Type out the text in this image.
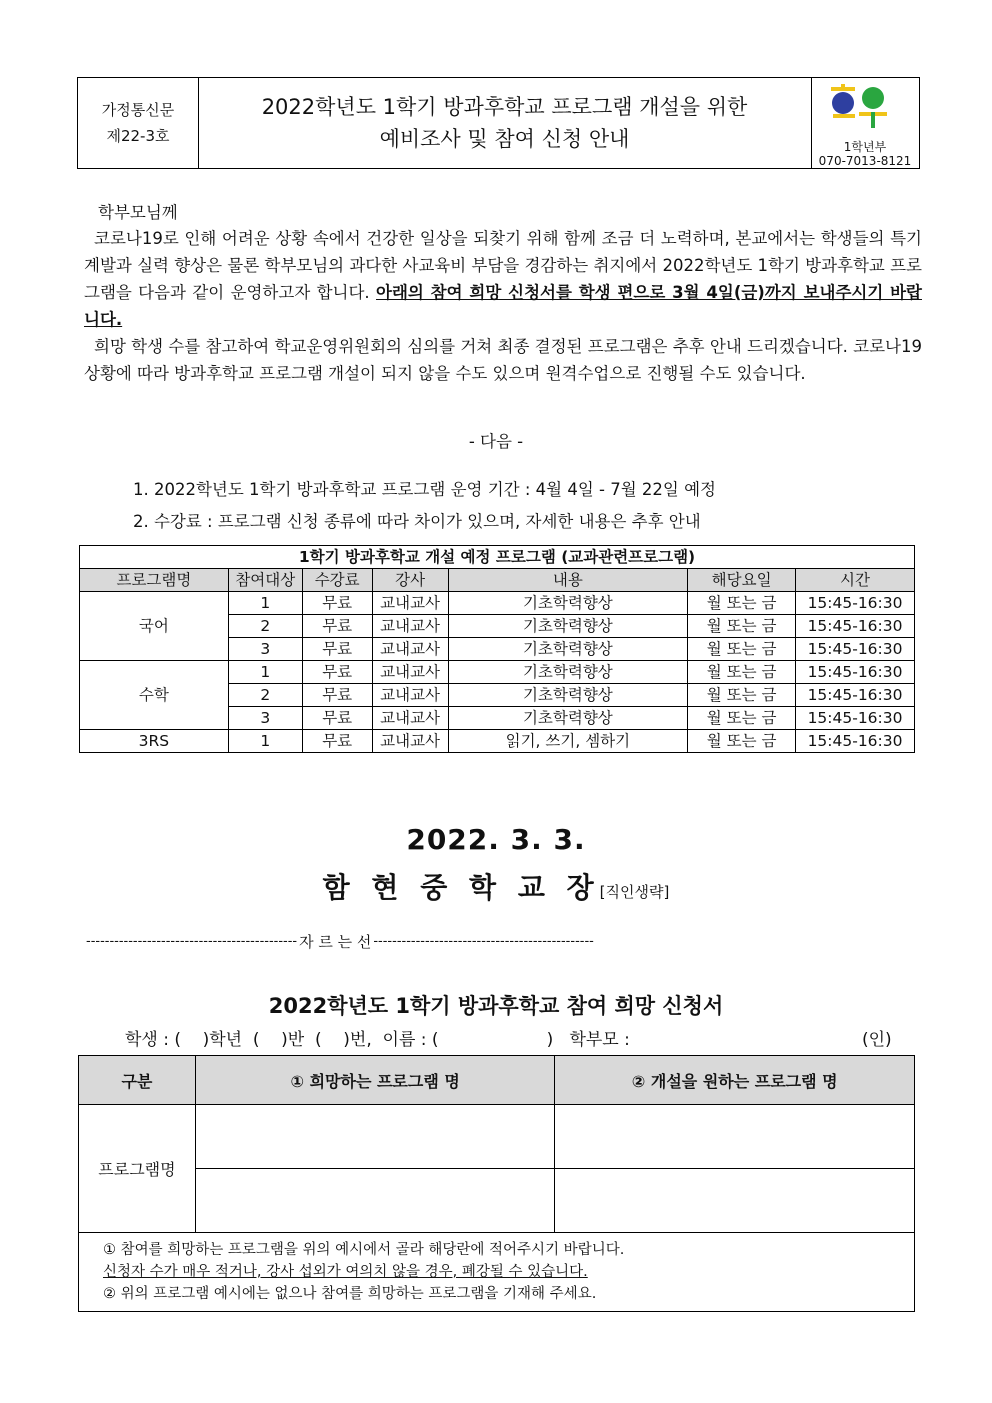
가정통신문
제22-3호
2022학년도 1학기 방과후학교 프로그램 개설을 위한
예비조사 및 참여 신청 안내	1학년부
070-7013-8121
학부모님께
코로나19로 인해 어려운 상황 속에서 건강한 일상을 되찾기 위해 함께 조금 더 노력하며, 본교에서는 학생들의 특기 계발과 실력 향상은 물론 학부모님의 과다한 사교육비 부담을 경감하는 취지에서 2022학년도 1학기 방과후학교 프로그램을 다음과 같이 운영하고자 합니다. 아래의 참여 희망 신청서를 학생 편으로 3월 4일(금)까지 보내주시기 바랍니다.
희망 학생 수를 참고하여 학교운영위원회의 심의를 거쳐 최종 결정된 프로그램은 추후 안내 드리겠습니다. 코로나19 상황에 따라 방과후학교 프로그램 개설이 되지 않을 수도 있으며 원격수업으로 진행될 수도 있습니다.
- 다음 -
1. 2022학년도 1학기 방과후학교 프로그램 운영 기간 : 4월 4일 - 7월 22일 예정
2. 수강료 : 프로그램 신청 종류에 따라 차이가 있으며, 자세한 내용은 추후 안내
1학기 방과후학교 개설 예정 프로그램 (교과관련프로그램)						
프로그램명	참여대상	수강료	강사	내용	해당요일	시간
국어	1	무료	교내교사	기초학력향상	월 또는 금	15:45-16:30
	2	무료	교내교사	기초학력향상	월 또는 금	15:45-16:30
	3	무료	교내교사	기초학력향상	월 또는 금	15:45-16:30
수학	1	무료	교내교사	기초학력향상	월 또는 금	15:45-16:30
	2	무료	교내교사	기초학력향상	월 또는 금	15:45-16:30
	3	무료	교내교사	기초학력향상	월 또는 금	15:45-16:30
3RS	1	무료	교내교사	읽기, 쓰기, 셈하기	월 또는 금	15:45-16:30
2022. 3. 3.
함 현 중 학 교 장[직인생략]
--------------------------------------------- 자 르 는 선 -----------------------------------------------
2022학년도 1학기 방과후학교 참여 희망 신청서
학생 : (    )학년  (    )반  (    )번,  이름 : (                    )   학부모 :	(인)
구분	① 희망하는 프로그램 명	② 개설을 원하는 프로그램 명
프로그램명		

① 참여를 희망하는 프로그램을 위의 예시에서 골라 해당란에 적어주시기 바랍니다.
신청자 수가 매우 적거나, 강사 섭외가 여의치 않을 경우, 폐강될 수 있습니다.
② 위의 프로그램 예시에는 없으나 참여를 희망하는 프로그램을 기재해 주세요.		
